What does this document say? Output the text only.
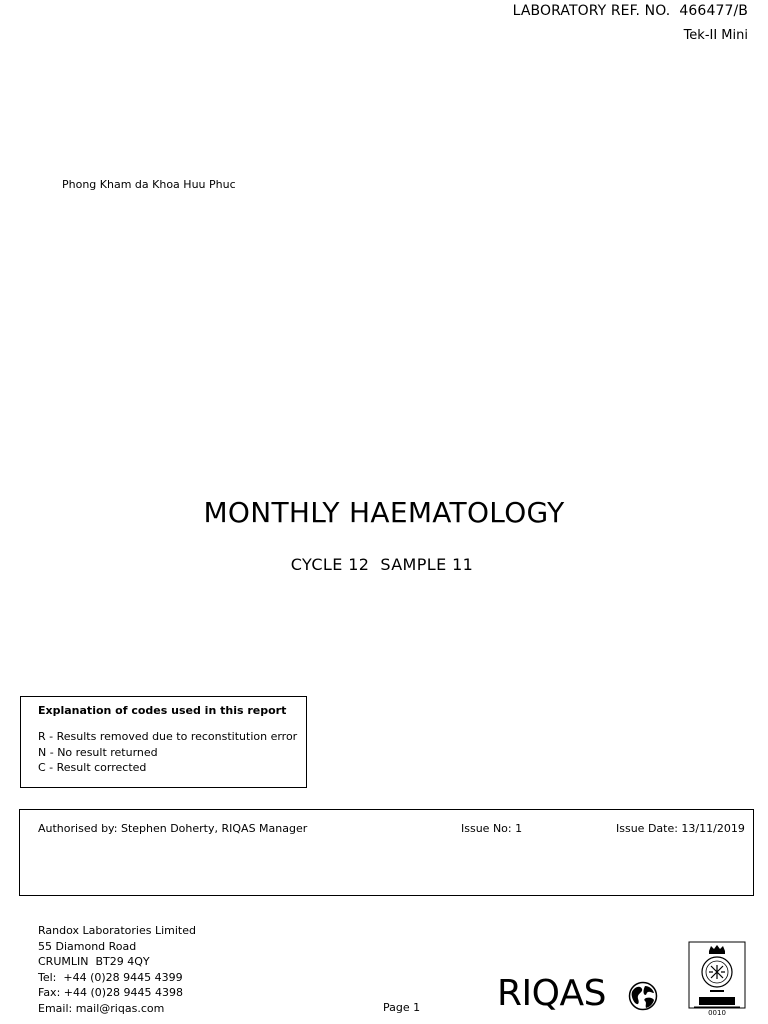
LABORATORY REF. NO. 466477/B
Tek-II Mini
Phong Kham da Khoa Huu Phuc
MONTHLY HAEMATOLOGY
CYCLE 12  SAMPLE 11
Explanation of codes used in this report
R - Results removed due to reconstitution error
N - No result returned
C - Result corrected
Authorised by: Stephen Doherty, RIQAS Manager	Issue No: 1	Issue Date: 13/11/2019
Randox Laboratories Limited
55 Diamond Road
CRUMLIN  BT29 4QY
Tel:  +44 (0)28 9445 4399
Fax: +44 (0)28 9445 4398
Email: mail@riqas.com	Page 1 RIQAS	0010
